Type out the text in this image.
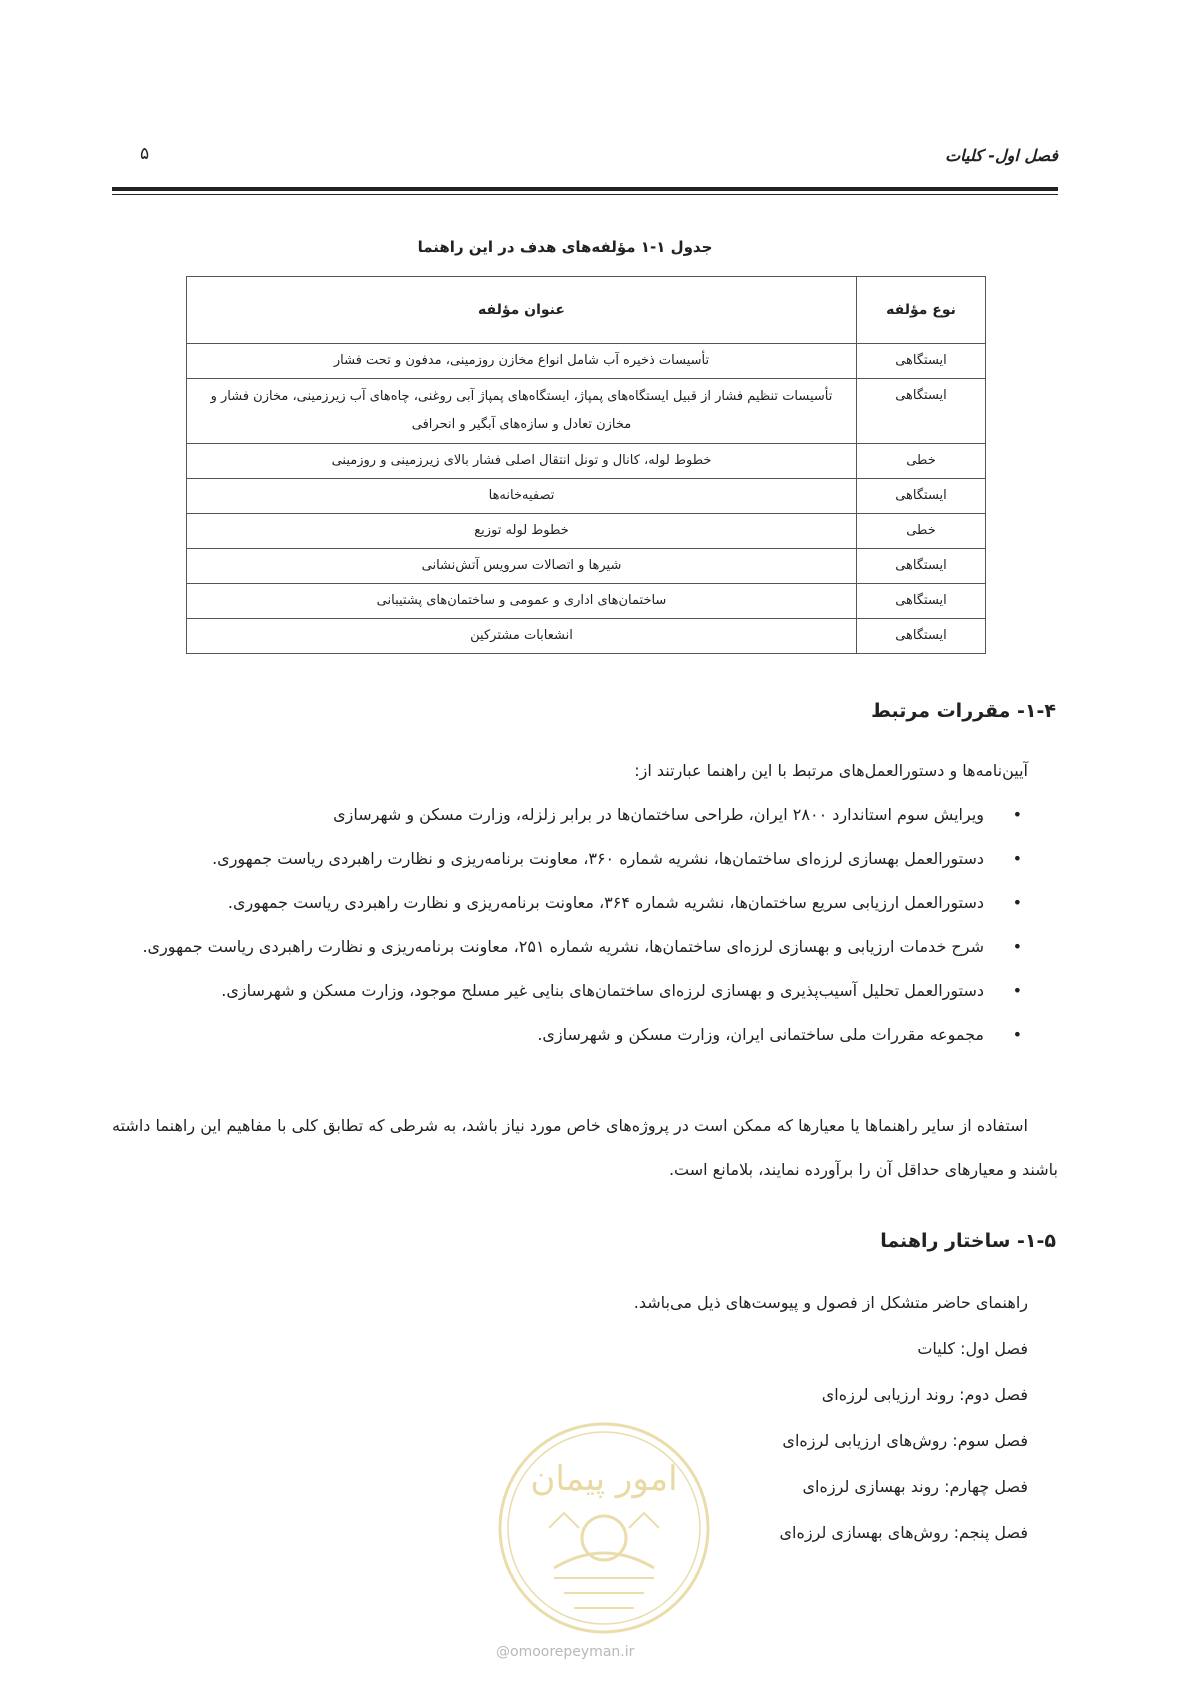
فصل اول- کلیات
۵
جدول ۱-۱ مؤلفه‌های هدف در این راهنما
نوع مؤلفه	عنوان مؤلفه
ایستگاهی	تأسیسات ذخیره آب شامل انواع مخازن روزمینی، مدفون و تحت فشار
ایستگاهی	تأسیسات تنظیم فشار از قبیل ایستگاه‌های پمپاژ، ایستگاه‌های پمپاژ آبی روغنی، چاه‌های آب زیرزمینی، مخازن فشار و مخازن تعادل و سازه‌های آبگیر و انحرافی
خطی	خطوط لوله، کانال و تونل انتقال اصلی فشار بالای زیرزمینی و روزمینی
ایستگاهی	تصفیه‌خانه‌ها
خطی	خطوط لوله توزیع
ایستگاهی	شیرها و اتصالات سرویس آتش‌نشانی
ایستگاهی	ساختمان‌های اداری و عمومی و ساختمان‌های پشتیبانی
ایستگاهی	انشعابات مشترکین
۱-۴- مقررات مرتبط
آیین‌نامه‌ها و دستورالعمل‌های مرتبط با این راهنما عبارتند از:
• ویرایش سوم استاندارد ۲۸۰۰ ایران، طراحی ساختمان‌ها در برابر زلزله، وزارت مسکن و شهرسازی
• دستورالعمل بهسازی لرزه‌ای ساختمان‌ها، نشریه شماره ۳۶۰، معاونت برنامه‌ریزی و نظارت راهبردی ریاست جمهوری.
• دستورالعمل ارزیابی سریع ساختمان‌ها، نشریه شماره ۳۶۴، معاونت برنامه‌ریزی و نظارت راهبردی ریاست جمهوری.
• شرح خدمات ارزیابی و بهسازی لرزه‌ای ساختمان‌ها، نشریه شماره ۲۵۱، معاونت برنامه‌ریزی و نظارت راهبردی ریاست جمهوری.
• دستورالعمل تحلیل آسیب‌پذیری و بهسازی لرزه‌ای ساختمان‌های بنایی غیر مسلح موجود، وزارت مسکن و شهرسازی.
• مجموعه مقررات ملی ساختمانی ایران، وزارت مسکن و شهرسازی.
استفاده از سایر راهنماها یا معیارها که ممکن است در پروژه‌های خاص مورد نیاز باشد، به شرطی که تطابق کلی با مفاهیم این راهنما داشته باشند و معیارهای حداقل آن را برآورده نمایند، بلامانع است.
۱-۵- ساختار راهنما
راهنمای حاضر متشکل از فصول و پیوست‌های ذیل می‌باشد.
فصل اول: کلیات
فصل دوم: روند ارزیابی لرزه‌ای
فصل سوم: روش‌های ارزیابی لرزه‌ای
فصل چهارم: روند بهسازی لرزه‌ای
فصل پنجم: روش‌های بهسازی لرزه‌ای
امور پیمان
@omoorepeyman.ir
